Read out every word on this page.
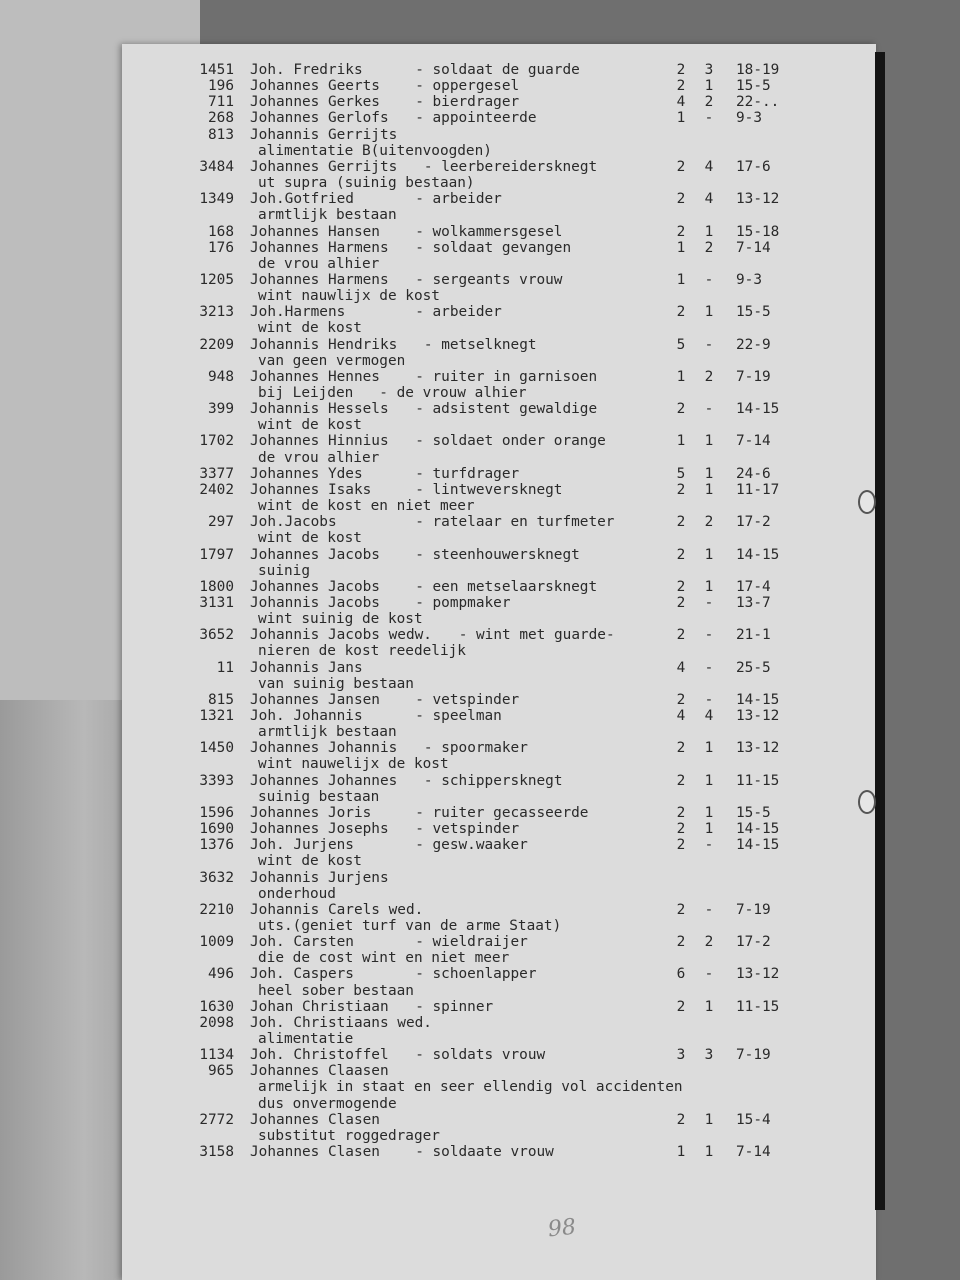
1451 Joh. Fredriks	- soldaat de guarde	2 3 18-19
196 Johannes Geerts - oppergesel	2 1 15-5
711 Johannes Gerkes - bierdrager	4 2 22-..
268 Johannes Gerlofs - appointeerde	1 - 9-3
813 Johannis Gerrijts
alimentatie B(uitenvoogden)
3484 Johannes Gerrijts - leerbereidersknegt	2 4 17-6
ut supra (suinig bestaan)
1349 Joh.Gotfried	- arbeider	2 4 13-12
armtlijk bestaan
168 Johannes Hansen - wolkammersgesel	2 1 15-18
176 Johannes Harmens - soldaat gevangen	1 2 7-14
de vrou alhier
1205 Johannes Harmens - sergeants vrouw	1 - 9-3
wint nauwlijx de kost
3213 Joh.Harmens	- arbeider	2 1 15-5
wint de kost
2209 Johannis Hendriks - metselknegt	5 - 22-9
van geen vermogen
948 Johannes Hennes - ruiter in garnisoen	1 2 7-19
bij Leijden   - de vrouw alhier
399 Johannis Hessels - adsistent gewaldige	2 - 14-15
wint de kost
1702 Johannes Hinnius - soldaet onder orange	1 1 7-14
de vrou alhier
3377 Johannes Ydes	- turfdrager	5 1 24-6
2402 Johannes Isaks	- lintweversknegt	2 1 11-17
wint de kost en niet meer
297 Joh.Jacobs	- ratelaar en turfmeter	2 2 17-2
wint de kost
1797 Johannes Jacobs - steenhouwersknegt	2 1 14-15
suinig
1800 Johannes Jacobs - een metselaarsknegt	2 1 17-4
3131 Johannis Jacobs - pompmaker	2 - 13-7
wint suinig de kost
3652 Johannis Jacobs wedw. - wint met guarde-	2 - 21-1
nieren de kost reedelijk
11 Johannis Jans	4 - 25-5
van suinig bestaan
815 Johannes Jansen - vetspinder	2 - 14-15
1321 Joh. Johannis	- speelman	4 4 13-12
armtlijk bestaan
1450 Johannes Johannis - spoormaker	2 1 13-12
wint nauwelijx de kost
3393 Johannes Johannes - schippersknegt	2 1 11-15
suinig bestaan
1596 Johannes Joris	- ruiter gecasseerde	2 1 15-5
1690 Johannes Josephs - vetspinder	2 1 14-15
1376 Joh. Jurjens	- gesw.waaker	2 - 14-15
wint de kost
3632 Johannis Jurjens
onderhoud
2210 Johannis Carels wed.	2 - 7-19
uts.(geniet turf van de arme Staat)
1009 Joh. Carsten	- wieldraijer	2 2 17-2
die de cost wint en niet meer
496 Joh. Caspers	- schoenlapper	6 - 13-12
heel sober bestaan
1630 Johan Christiaan - spinner	2 1 11-15
2098 Joh. Christiaans wed.
alimentatie
1134 Joh. Christoffel - soldats vrouw	3 3 7-19
965 Johannes Claasen
armelijk in staat en seer ellendig vol accidenten
dus onvermogende
2772 Johannes Clasen	2 1 15-4
substitut roggedrager
3158 Johannes Clasen - soldaate vrouw	1 1 7-14
98
